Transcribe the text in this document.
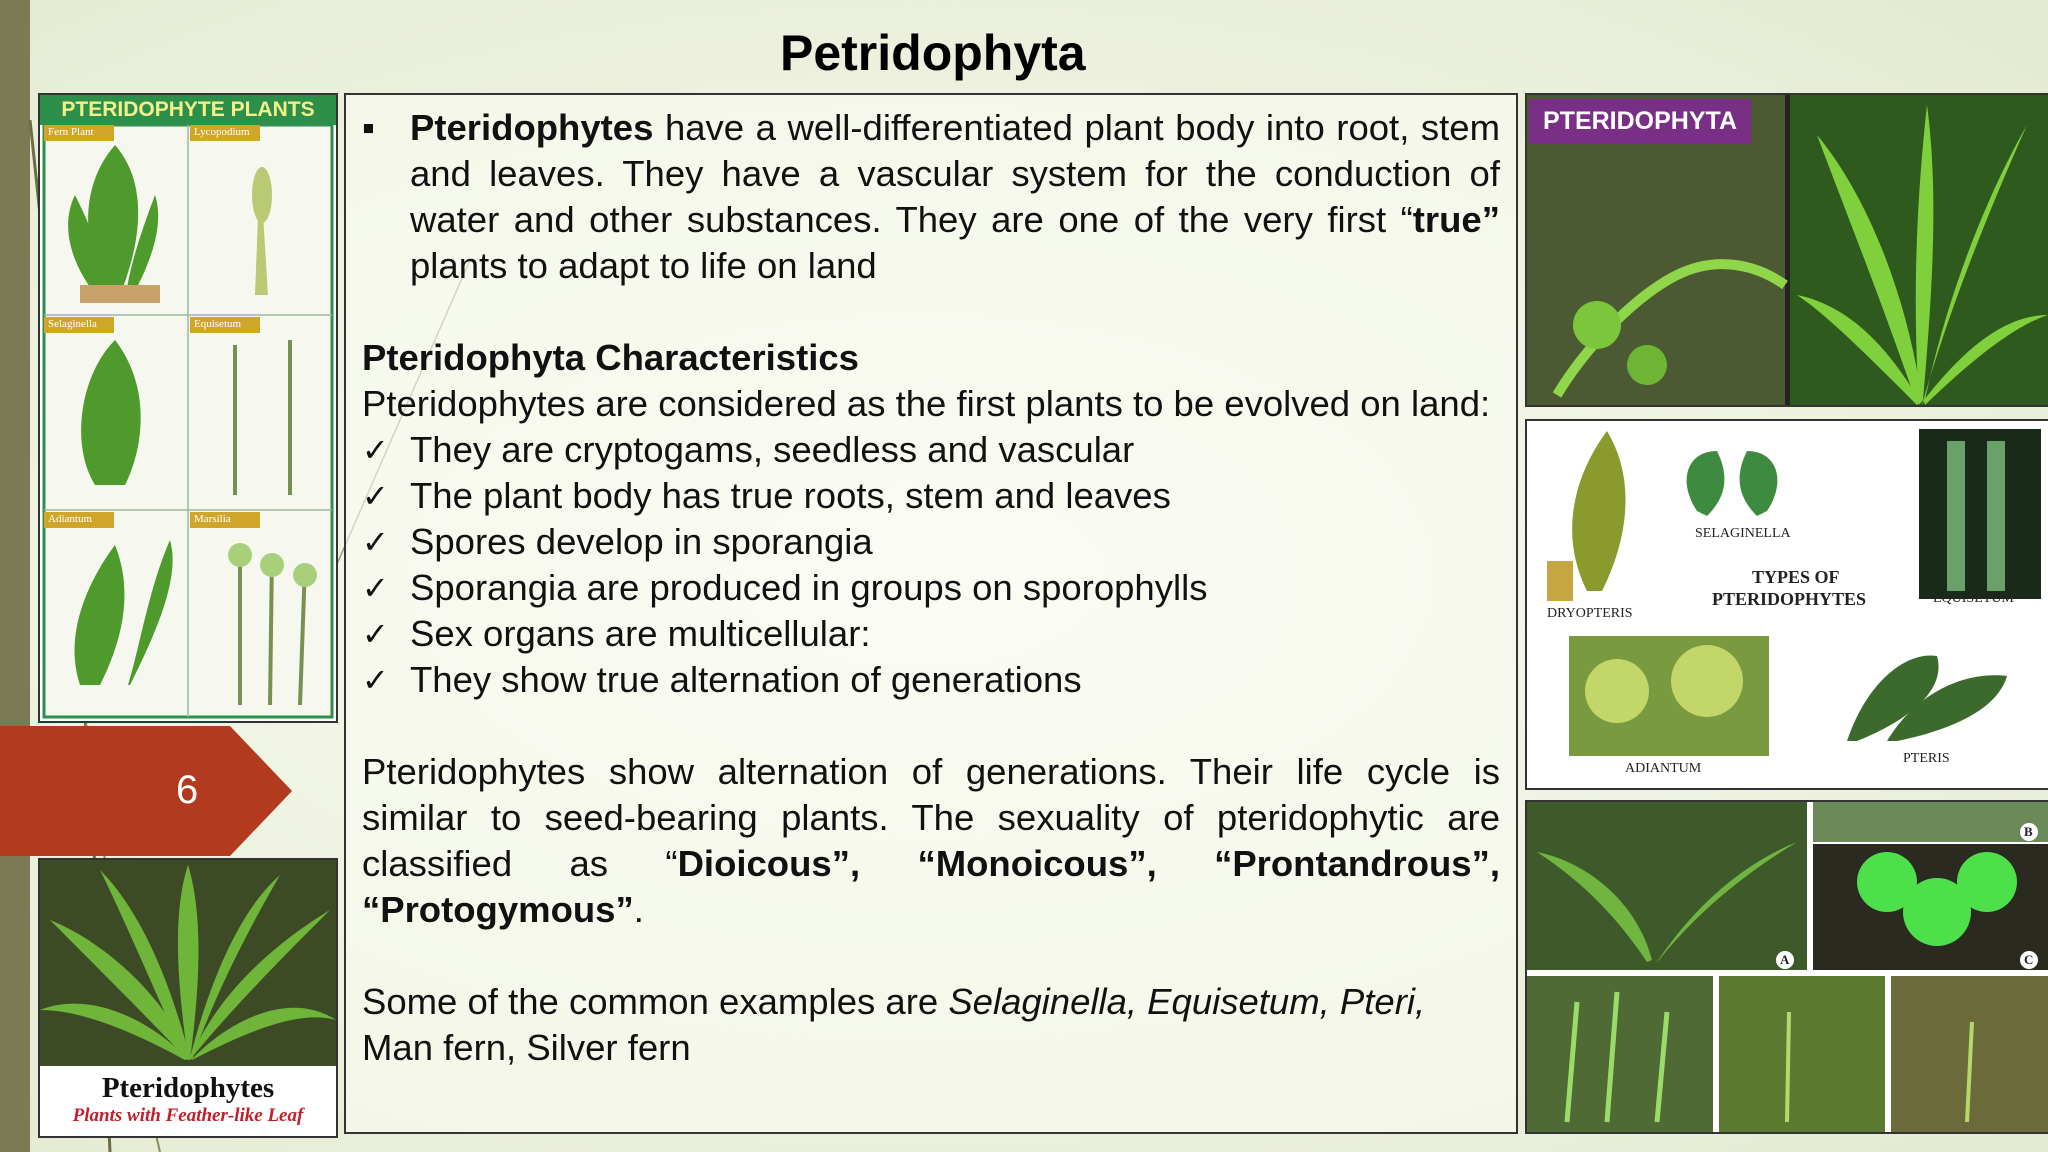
Petridophyta
PTERIDOPHYTE PLANTS
Fern Plant	Lycopodium
Selaginella	Equisetum
Adiantum	Marsilia
6
Pteridophytes
Plants with Feather-like Leaf
▪ Pteridophytes have a well-differentiated plant body into root, stem and leaves. They have a vascular system for the conduction of water and other substances. They are one of the very first “true” plants to adapt to life on land

Pteridophyta Characteristics

Pteridophytes are considered as the first plants to be evolved on land:

✓ They are cryptogams, seedless and vascular
✓ The plant body has true roots, stem and leaves
✓ Spores develop in sporangia
✓ Sporangia are produced in groups on sporophylls
✓ Sex organs are multicellular:
✓ They show true alternation of generations

Pteridophytes show alternation of generations. Their life cycle is similar to seed-bearing plants. The sexuality of pteridophytic are classified as “Dioicous”, “Monoicous”, “Prontandrous”, “Protogymous”.

Some of the common examples are Selaginella, Equisetum, Pteri, Man fern, Silver fern

PTERIDOPHYTA
SELAGINELLA
DRYOPTERIS
EQUISETUM
ADIANTUM
PTERIS
TYPES OF
PTERIDOPHYTES
A
B
C
